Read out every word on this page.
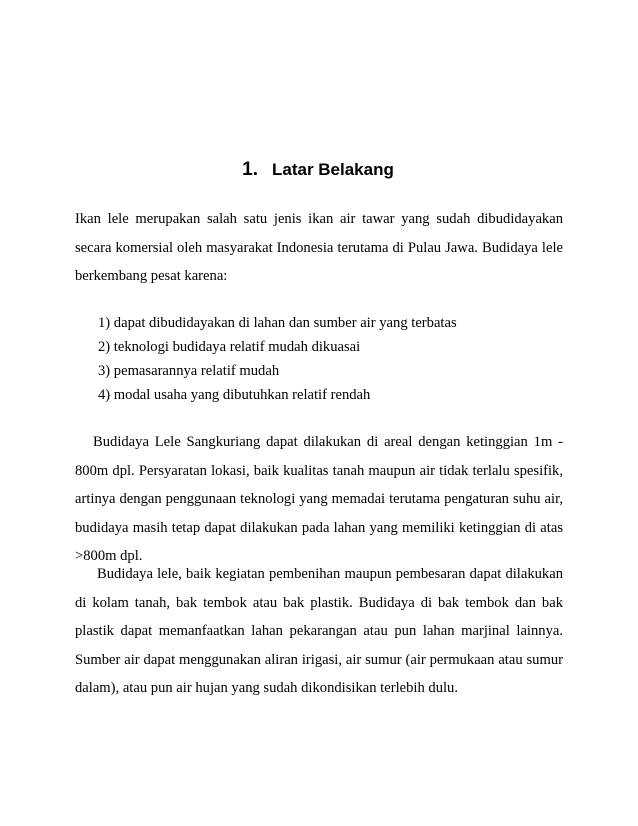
1. Latar Belakang

Ikan lele merupakan salah satu jenis ikan air tawar yang sudah dibudidayakan secara komersial oleh masyarakat Indonesia terutama di Pulau Jawa. Budidaya lele berkembang pesat karena:

1) dapat dibudidayakan di lahan dan sumber air yang terbatas
2) teknologi budidaya relatif mudah dikuasai
3) pemasarannya relatif mudah
4) modal usaha yang dibutuhkan relatif rendah

Budidaya Lele Sangkuriang dapat dilakukan di areal dengan ketinggian 1m - 800m dpl. Persyaratan lokasi, baik kualitas tanah maupun air tidak terlalu spesifik, artinya dengan penggunaan teknologi yang memadai terutama pengaturan suhu air, budidaya masih tetap dapat dilakukan pada lahan yang memiliki ketinggian di atas >800m dpl.

Budidaya lele, baik kegiatan pembenihan maupun pembesaran dapat dilakukan di kolam tanah, bak tembok atau bak plastik. Budidaya di bak tembok dan bak plastik dapat memanfaatkan lahan pekarangan atau pun lahan marjinal lainnya. Sumber air dapat menggunakan aliran irigasi, air sumur (air permukaan atau sumur dalam), atau pun air hujan yang sudah dikondisikan terlebih dulu.
